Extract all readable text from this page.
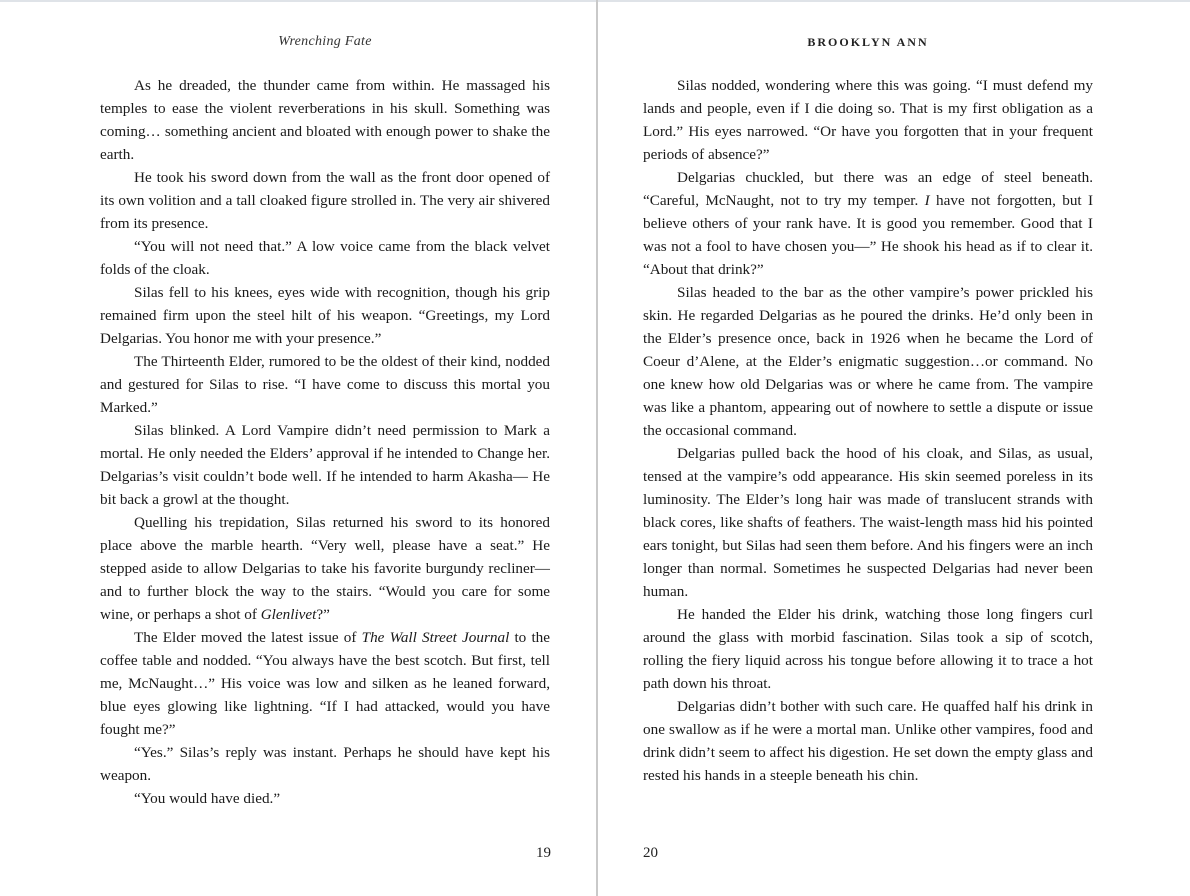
Wrenching Fate

As he dreaded, the thunder came from within. He massaged his temples to ease the violent reverberations in his skull. Something was coming… something ancient and bloated with enough power to shake the earth.

He took his sword down from the wall as the front door opened of its own volition and a tall cloaked figure strolled in. The very air shivered from its presence.

“You will not need that.” A low voice came from the black velvet folds of the cloak.

Silas fell to his knees, eyes wide with recognition, though his grip remained firm upon the steel hilt of his weapon. “Greetings, my Lord Delgarias. You honor me with your presence.”

The Thirteenth Elder, rumored to be the oldest of their kind, nodded and gestured for Silas to rise. “I have come to discuss this mortal you Marked.”

Silas blinked. A Lord Vampire didn’t need permission to Mark a mortal. He only needed the Elders’ approval if he intended to Change her. Delgarias’s visit couldn’t bode well. If he intended to harm Akasha— He bit back a growl at the thought.

Quelling his trepidation, Silas returned his sword to its honored place above the marble hearth. “Very well, please have a seat.” He stepped aside to allow Delgarias to take his favorite burgundy recliner— and to further block the way to the stairs. “Would you care for some wine, or perhaps a shot of Glenlivet?”

The Elder moved the latest issue of The Wall Street Journal to the coffee table and nodded. “You always have the best scotch. But first, tell me, McNaught…” His voice was low and silken as he leaned forward, blue eyes glowing like lightning. “If I had attacked, would you have fought me?”

“Yes.” Silas’s reply was instant. Perhaps he should have kept his weapon.

“You would have died.”

19
BROOKLYN ANN

Silas nodded, wondering where this was going. “I must defend my lands and people, even if I die doing so. That is my first obligation as a Lord.” His eyes narrowed. “Or have you forgotten that in your frequent periods of absence?”

Delgarias chuckled, but there was an edge of steel beneath. “Careful, McNaught, not to try my temper. I have not forgotten, but I believe others of your rank have. It is good you remember. Good that I was not a fool to have chosen you—” He shook his head as if to clear it. “About that drink?”

Silas headed to the bar as the other vampire’s power prickled his skin. He regarded Delgarias as he poured the drinks. He’d only been in the Elder’s presence once, back in 1926 when he became the Lord of Coeur d’Alene, at the Elder’s enigmatic suggestion…or command. No one knew how old Delgarias was or where he came from. The vampire was like a phantom, appearing out of nowhere to settle a dispute or issue the occasional command.

Delgarias pulled back the hood of his cloak, and Silas, as usual, tensed at the vampire’s odd appearance. His skin seemed poreless in its luminosity. The Elder’s long hair was made of translucent strands with black cores, like shafts of feathers. The waist-length mass hid his pointed ears tonight, but Silas had seen them before. And his fingers were an inch longer than normal. Sometimes he suspected Delgarias had never been human.

He handed the Elder his drink, watching those long fingers curl around the glass with morbid fascination. Silas took a sip of scotch, rolling the fiery liquid across his tongue before allowing it to trace a hot path down his throat.

Delgarias didn’t bother with such care. He quaffed half his drink in one swallow as if he were a mortal man. Unlike other vampires, food and drink didn’t seem to affect his digestion. He set down the empty glass and rested his hands in a steeple beneath his chin.

20
